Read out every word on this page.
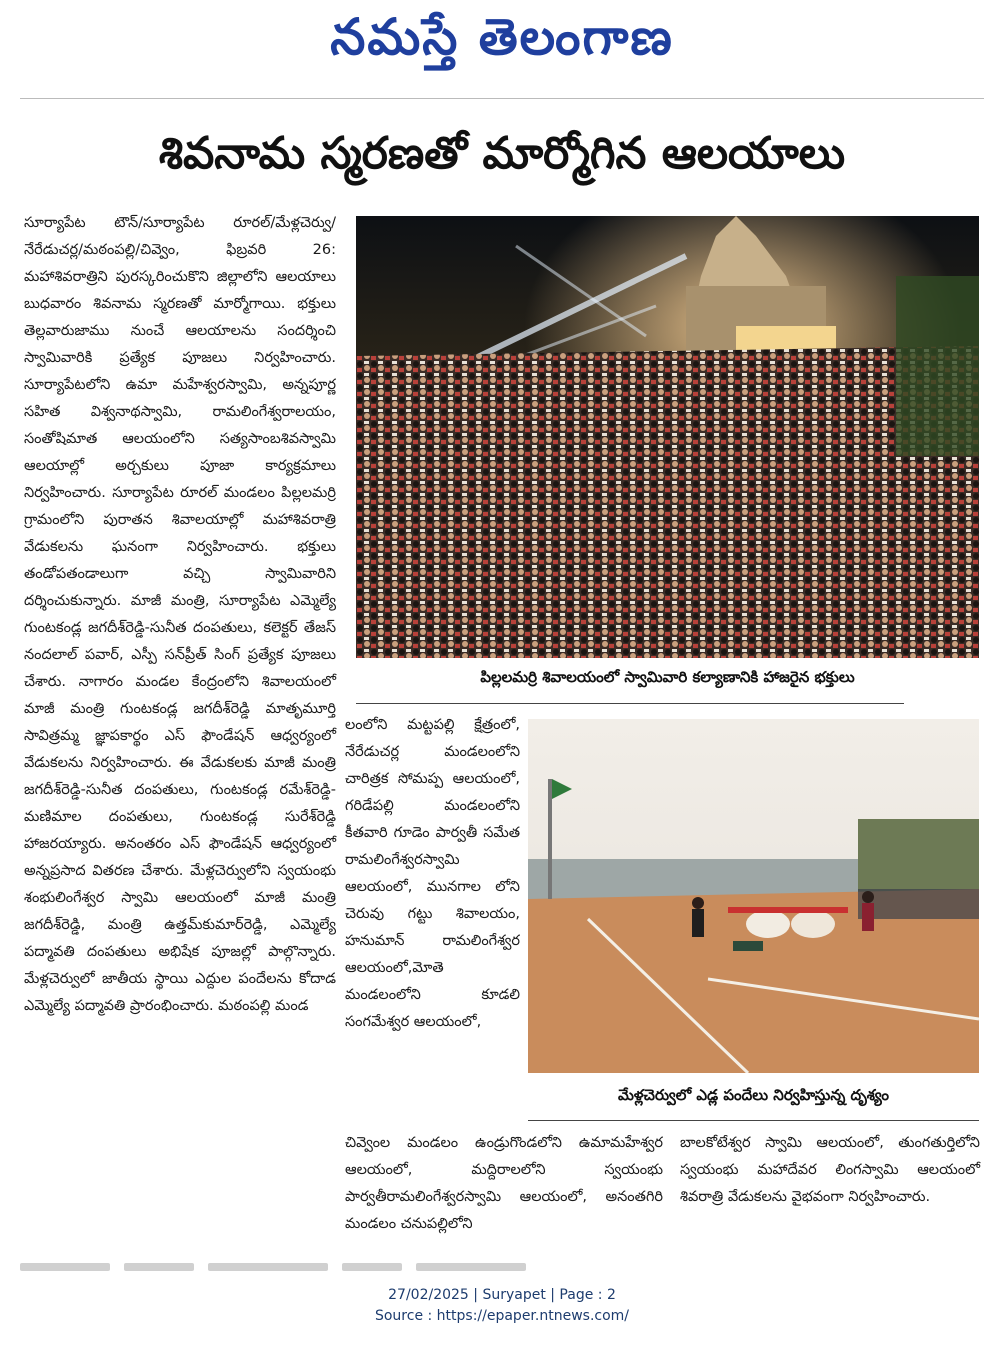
నమస్తే తెలంగాణ
శివనామ స్మరణతో మార్మోగిన ఆలయాలు

సూర్యాపేట టౌన్/సూర్యాపేట రూరల్/మేళ్లచెర్వు/నేరేడుచర్ల/మఠంపల్లి/చివ్వెం, ఫిబ్రవరి 26: మహాశివరాత్రిని పురస్కరించుకొని జిల్లాలోని ఆలయాలు బుధవారం శివనామ స్మరణతో మార్మోగాయి. భక్తులు తెల్లవారుజాము నుంచే ఆలయాలను సందర్శించి స్వామివారికి ప్రత్యేక పూజలు నిర్వహించారు. సూర్యాపేటలోని ఉమా మహేశ్వరస్వామి, అన్నపూర్ణ సహిత విశ్వనాథస్వామి, రామలింగేశ్వరాలయం, సంతోషిమాత ఆలయంలోని సత్యసాంబశివస్వామి ఆలయాల్లో అర్చకులు పూజా కార్యక్రమాలు నిర్వహించారు. సూర్యాపేట రూరల్ మండలం పిల్లలమర్రి గ్రామంలోని పురాతన శివాలయాల్లో మహాశివరాత్రి వేడుకలను ఘనంగా నిర్వహించారు. భక్తులు తండోపతండాలుగా వచ్చి స్వామివారిని దర్శించుకున్నారు. మాజీ మంత్రి, సూర్యాపేట ఎమ్మెల్యే గుంటకండ్ల జగదీశ్‌రెడ్డి-సునీత దంపతులు, కలెక్టర్ తేజస్ నందలాల్ పవార్, ఎస్పీ సన్‌ప్రీత్ సింగ్ ప్రత్యేక పూజలు చేశారు. నాగారం మండల కేంద్రంలోని శివాలయంలో మాజీ మంత్రి గుంటకండ్ల జగదీశ్‌రెడ్డి మాతృమూర్తి సావిత్రమ్మ జ్ఞాపకార్థం ఎస్ ఫౌండేషన్ ఆధ్వర్యంలో వేడుకలను నిర్వహించారు. ఈ వేడుకలకు మాజీ మంత్రి జగదీశ్‌రెడ్డి-సునీత దంపతులు, గుంటకండ్ల రమేశ్‌రెడ్డి- మణిమాల దంపతులు, గుంటకండ్ల సురేశ్‌రెడ్డి హాజరయ్యారు. అనంతరం ఎస్ ఫౌండేషన్ ఆధ్వర్యంలో అన్నప్రసాద వితరణ చేశారు. మేళ్లచెర్వులోని స్వయంభు శంభులింగేశ్వర స్వామి ఆలయంలో మాజీ మంత్రి జగదీశ్‌రెడ్డి, మంత్రి ఉత్తమ్‌కుమార్‌రెడ్డి, ఎమ్మెల్యే పద్మావతి దంపతులు అభిషేక పూజల్లో పాల్గొన్నారు. మేళ్లచెర్వులో జాతీయ స్థాయి ఎద్దుల పందేలను కోదాడ ఎమ్మెల్యే పద్మావతి ప్రారంభించారు. మఠంపల్లి మండ

పిల్లలమర్రి శివాలయంలో స్వామివారి కల్యాణానికి హాజరైన భక్తులు

లంలోని మట్టపల్లి క్షేత్రంలో, నేరేడుచర్ల మండలంలోని చారిత్రక సోమప్ప ఆలయంలో, గరిడేపల్లి మండలంలోని కీతవారి గూడెం పార్వతీ సమేత రామలింగేశ్వరస్వామి ఆలయంలో, మునగాల లోని చెరువు గట్టు శివాలయం, హనుమాన్ రామలింగేశ్వర ఆలయంలో,మోతె మండలంలోని కూడలి సంగమేశ్వర ఆలయంలో,

మేళ్లచెర్వులో ఎడ్ల పందేలు నిర్వహిస్తున్న దృశ్యం

చివ్వెంల మండలం ఉండ్రుగొండలోని ఉమామహేశ్వర ఆలయంలో, మద్దిరాలలోని స్వయంభు పార్వతీరామలింగేశ్వరస్వామి ఆలయంలో, అనంతగిరి మండలం చనుపల్లిలోని

బాలకోటేశ్వర స్వామి ఆలయంలో, తుంగతుర్తిలోని స్వయంభు మహాదేవర లింగస్వామి ఆలయంలో శివరాత్రి వేడుకలను వైభవంగా నిర్వహించారు.

27/02/2025 | Suryapet | Page : 2
Source : https://epaper.ntnews.com/
